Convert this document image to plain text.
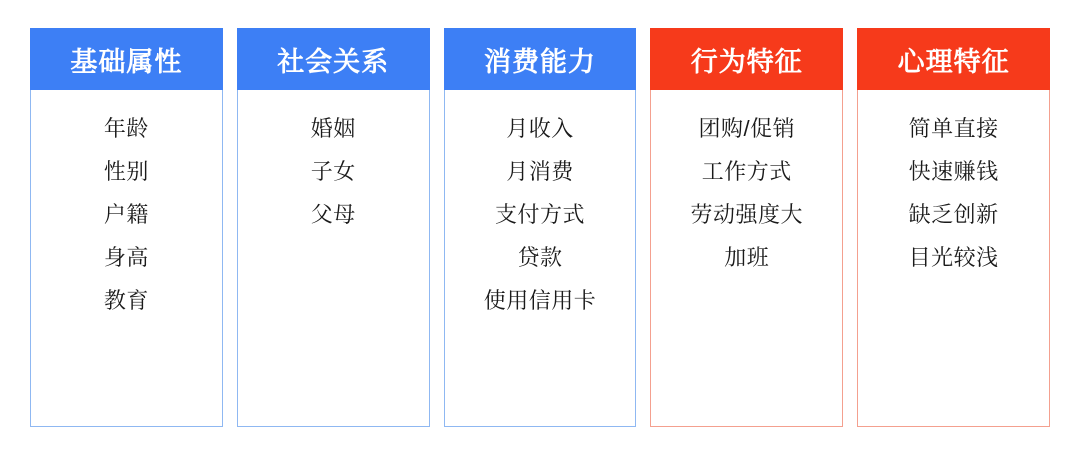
基础属性
年龄
性别
户籍
身高
教育
社会关系
婚姻
子女
父母
消费能力
月收入
月消费
支付方式
贷款
使用信用卡
行为特征
团购/促销
工作方式
劳动强度大
加班
心理特征
简单直接
快速赚钱
缺乏创新
目光较浅
